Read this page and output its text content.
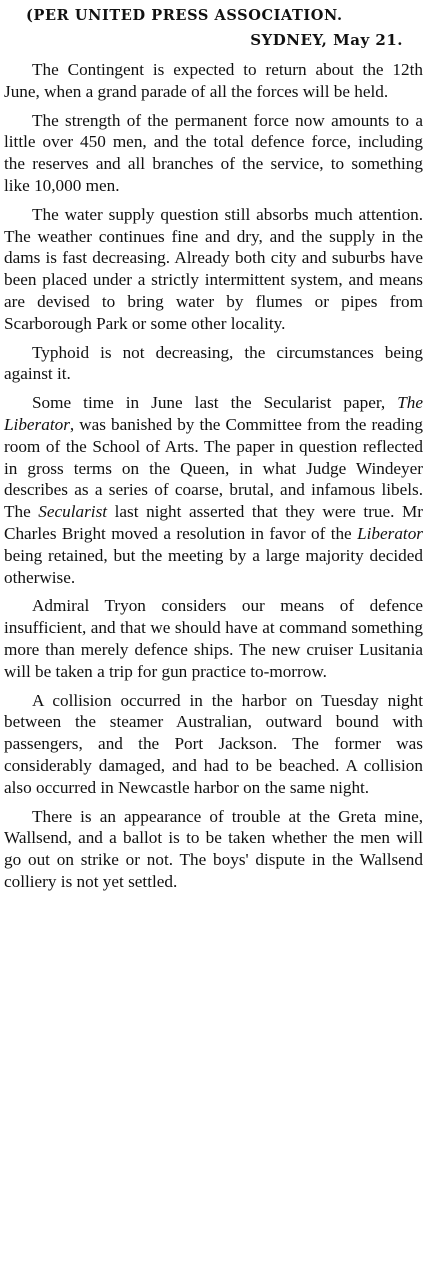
(PER UNITED PRESS ASSOCIATION.
SYDNEY, May 21.

The Contingent is expected to return about the 12th June, when a grand parade of all the forces will be held.

The strength of the permanent force now amounts to a little over 450 men, and the total defence force, including the reserves and all branches of the service, to something like 10,000 men.

The water supply question still absorbs much attention. The weather continues fine and dry, and the supply in the dams is fast decreasing. Already both city and suburbs have been placed under a strictly intermittent system, and means are devised to bring water by flumes or pipes from Scarborough Park or some other locality.

Typhoid is not decreasing, the circumstances being against it.

Some time in June last the Secularist paper, The Liberator, was banished by the Committee from the reading room of the School of Arts. The paper in question reflected in gross terms on the Queen, in what Judge Windeyer describes as a series of coarse, brutal, and infamous libels. The Secularist last night asserted that they were true. Mr Charles Bright moved a resolution in favor of the Liberator being retained, but the meeting by a large majority decided otherwise.

Admiral Tryon considers our means of defence insufficient, and that we should have at command something more than merely defence ships. The new cruiser Lusitania will be taken a trip for gun practice to-morrow.

A collision occurred in the harbor on Tuesday night between the steamer Australian, outward bound with passengers, and the Port Jackson. The former was considerably damaged, and had to be beached. A collision also occurred in Newcastle harbor on the same night.

There is an appearance of trouble at the Greta mine, Wallsend, and a ballot is to be taken whether the men will go out on strike or not. The boys' dispute in the Wallsend colliery is not yet settled.
